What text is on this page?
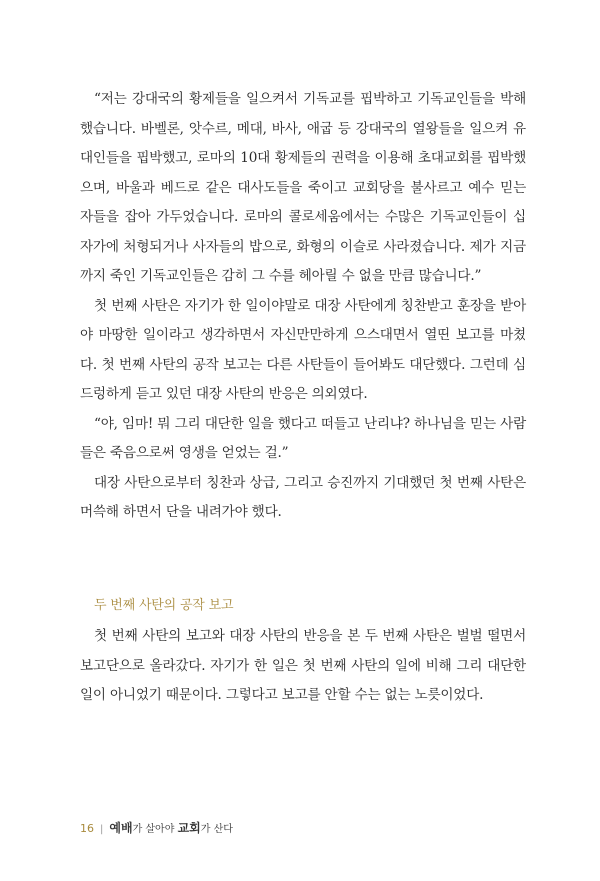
“저는 강대국의 황제들을 일으켜서 기독교를 핍박하고 기독교인들을 박해했습니다. 바벨론, 앗수르, 메대, 바사, 애굽 등 강대국의 열왕들을 일으켜 유대인들을 핍박했고, 로마의 10대 황제들의 권력을 이용해 초대교회를 핍박했으며, 바울과 베드로 같은 대사도들을 죽이고 교회당을 불사르고 예수 믿는 자들을 잡아 가두었습니다. 로마의 콜로세움에서는 수많은 기독교인들이 십자가에 처형되거나 사자들의 밥으로, 화형의 이슬로 사라졌습니다. 제가 지금까지 죽인 기독교인들은 감히 그 수를 헤아릴 수 없을 만큼 많습니다.”

첫 번째 사탄은 자기가 한 일이야말로 대장 사탄에게 칭찬받고 훈장을 받아야 마땅한 일이라고 생각하면서 자신만만하게 으스대면서 열띤 보고를 마쳤다. 첫 번째 사탄의 공작 보고는 다른 사탄들이 들어봐도 대단했다. 그런데 심드렁하게 듣고 있던 대장 사탄의 반응은 의외였다.

“야, 임마! 뭐 그리 대단한 일을 했다고 떠들고 난리냐? 하나님을 믿는 사람들은 죽음으로써 영생을 얻었는 걸.”

대장 사탄으로부터 칭찬과 상급, 그리고 승진까지 기대했던 첫 번째 사탄은 머쓱해 하면서 단을 내려가야 했다.

두 번째 사탄의 공작 보고

첫 번째 사탄의 보고와 대장 사탄의 반응을 본 두 번째 사탄은 벌벌 떨면서 보고단으로 올라갔다. 자기가 한 일은 첫 번째 사탄의 일에 비해 그리 대단한 일이 아니었기 때문이다. 그렇다고 보고를 안할 수는 없는 노릇이었다.

16 | 예배가 살아야 교회가 산다
